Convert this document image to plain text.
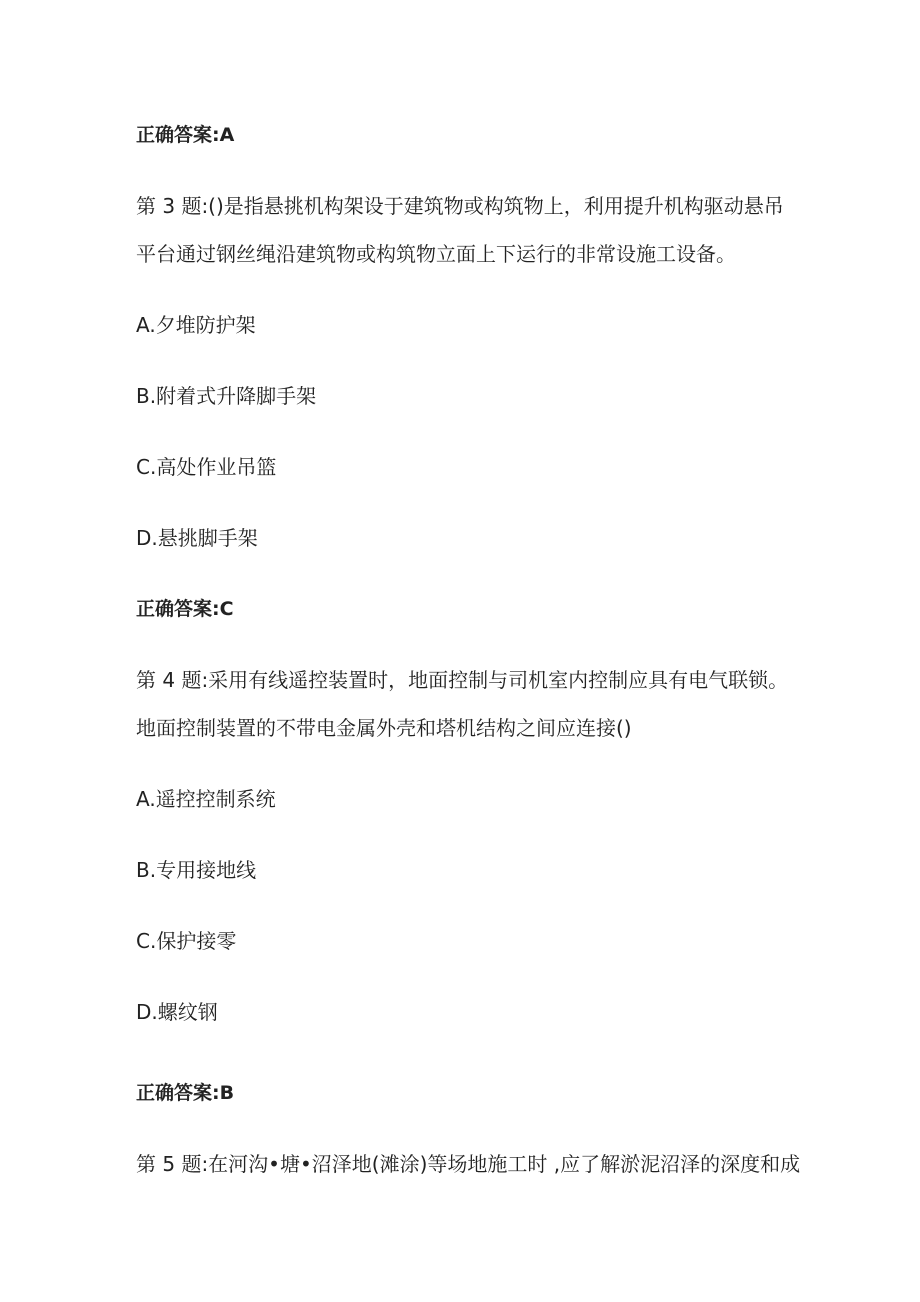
正确答案:A
第 3 题:()是指悬挑机构架设于建筑物或构筑物上，利用提升机构驱动悬吊
平台通过钢丝绳沿建筑物或构筑物立面上下运行的非常设施工设备。
A.夕堆防护架
B.附着式升降脚手架
C.高处作业吊篮
D.悬挑脚手架
正确答案:C
第 4 题:采用有线遥控装置时，地面控制与司机室内控制应具有电气联锁。
地面控制装置的不带电金属外壳和塔机结构之间应连接()
A.遥控控制系统
B.专用接地线
C.保护接零
D.螺纹钢
正确答案:B
第 5 题:在河沟•塘•沼泽地(滩涂)等场地施工时 ,应了解淤泥沼泽的深度和成
